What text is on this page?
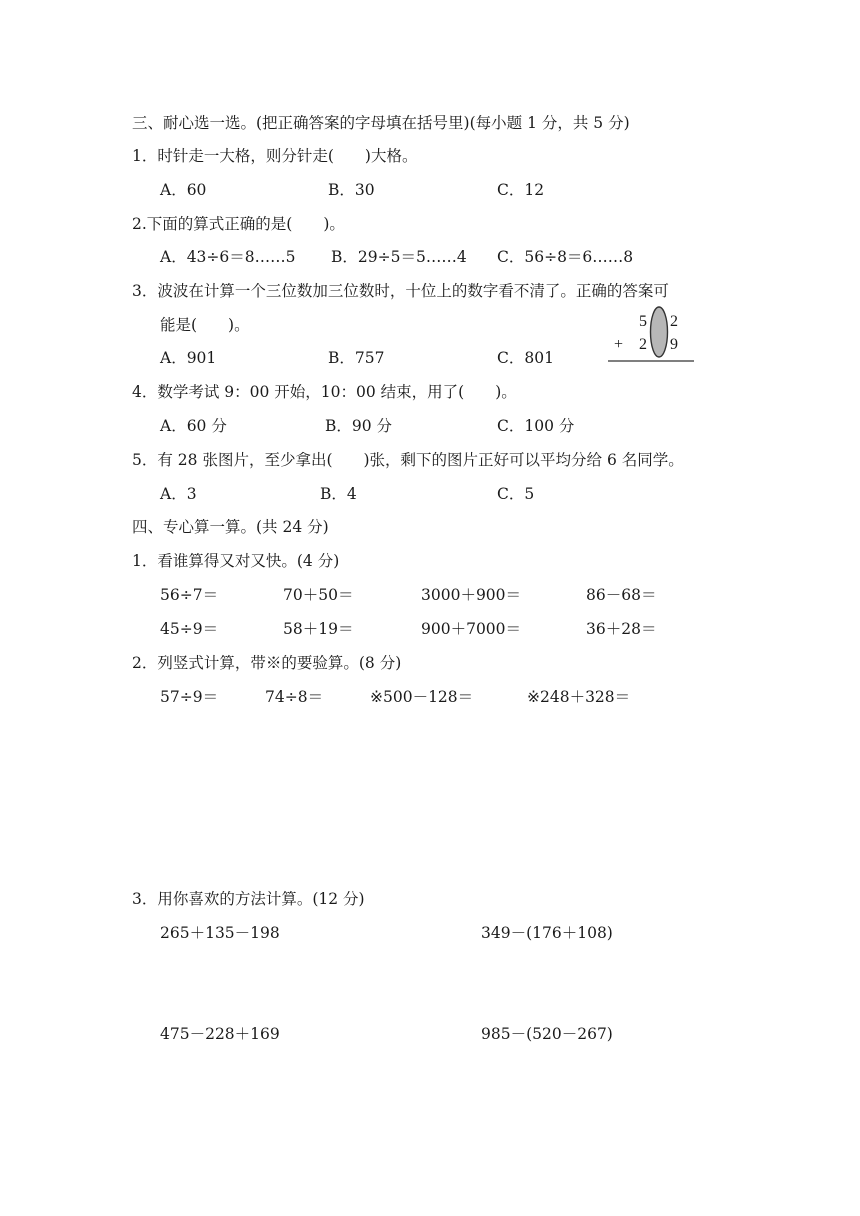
三、耐心选一选。(把正确答案的字母填在括号里)(每小题 1 分，共 5 分)
1．时针走一大格，则分针走(　　)大格。
A．60	B．30	C．12
2.下面的算式正确的是(　　)。
A．43÷6＝8……5 B．29÷5＝5……4 C．56÷8＝6……8
3．波波在计算一个三位数加三位数时，十位上的数字看不清了。正确的答案可
能是(　　)。
A．901	B．757	C．801
5 2
+ 2 9
4．数学考试 9：00 开始，10：00 结束，用了(　　)。
A．60 分	B．90 分	C．100 分
5．有 28 张图片，至少拿出(　　)张，剩下的图片正好可以平均分给 6 名同学。
A．3	B．4	C．5
四、专心算一算。(共 24 分)
1．看谁算得又对又快。(4 分)
56÷7＝	70＋50＝	3000＋900＝	86－68＝
45÷9＝	58＋19＝	900＋7000＝	36＋28＝
2．列竖式计算，带※的要验算。(8 分)
57÷9＝	74÷8＝	※500－128＝	※248＋328＝
3．用你喜欢的方法计算。(12 分)
265＋135－198	349－(176＋108)
475－228＋169	985－(520－267)
